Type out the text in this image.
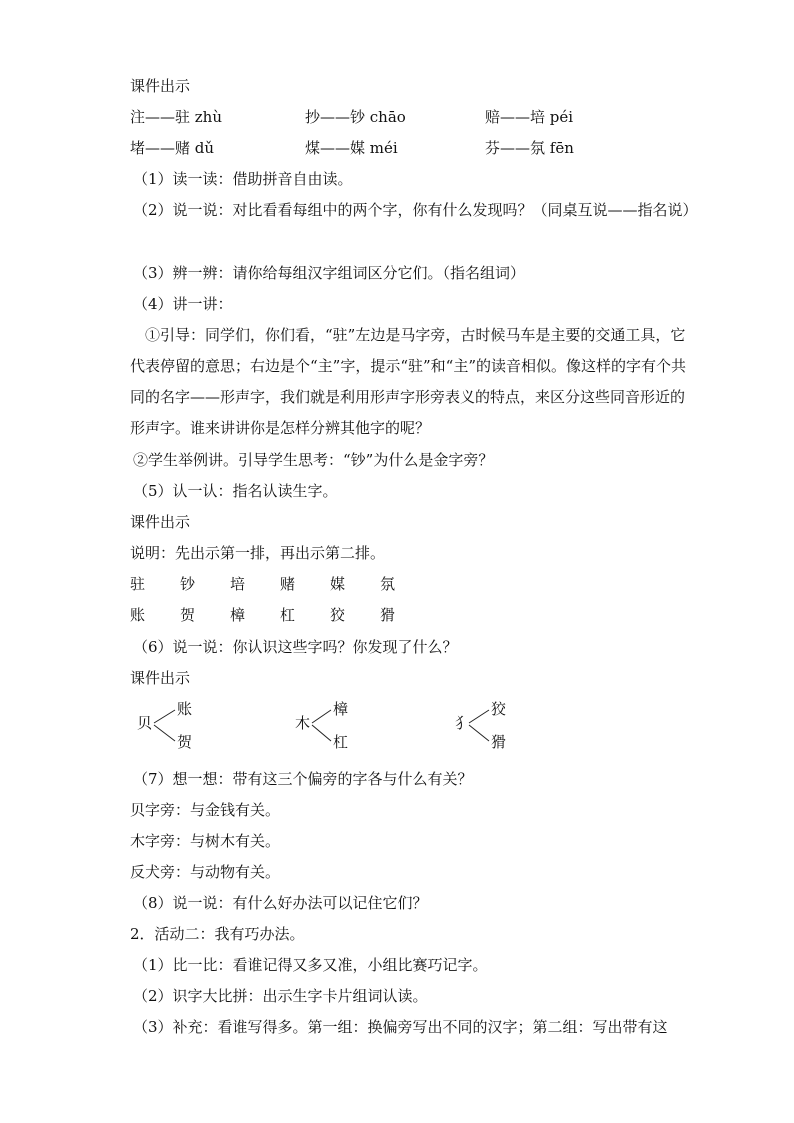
课件出示
注——驻 zhù	抄——钞 chāo	赔——培 péi
堵——赌 dǔ	煤——媒 méi	芬——氛 fēn
（1）读一读：借助拼音自由读。
（2）说一说：对比看看每组中的两个字，你有什么发现吗？（同桌互说——指名说）
（3）辨一辨：请你给每组汉字组词区分它们。（指名组词）
（4）讲一讲：
①引导：同学们，你们看，“驻”左边是马字旁，古时候马车是主要的交通工具，它代表停留的意思；右边是个“主”字，提示“驻”和“主”的读音相似。像这样的字有个共同的名字——形声字，我们就是利用形声字形旁表义的特点，来区分这些同音形近的形声字。谁来讲讲你是怎样分辨其他字的呢？
②学生举例讲。引导学生思考：“钞”为什么是金字旁？
（5）认一认：指名认读生字。
课件出示
说明：先出示第一排，再出示第二排。
驻 钞 培 赌 媒 氛
账 贺 樟 杠 狡 猾
（6）说一说：你认识这些字吗？你发现了什么？
课件出示
贝
账
贺
木
樟
杠
犭
狡
猾
（7）想一想：带有这三个偏旁的字各与什么有关？
贝字旁：与金钱有关。
木字旁：与树木有关。
反犬旁：与动物有关。
（8）说一说：有什么好办法可以记住它们？
2．活动二：我有巧办法。
（1）比一比：看谁记得又多又准，小组比赛巧记字。
（2）识字大比拼：出示生字卡片组词认读。
（3）补充：看谁写得多。第一组：换偏旁写出不同的汉字；第二组：写出带有这
